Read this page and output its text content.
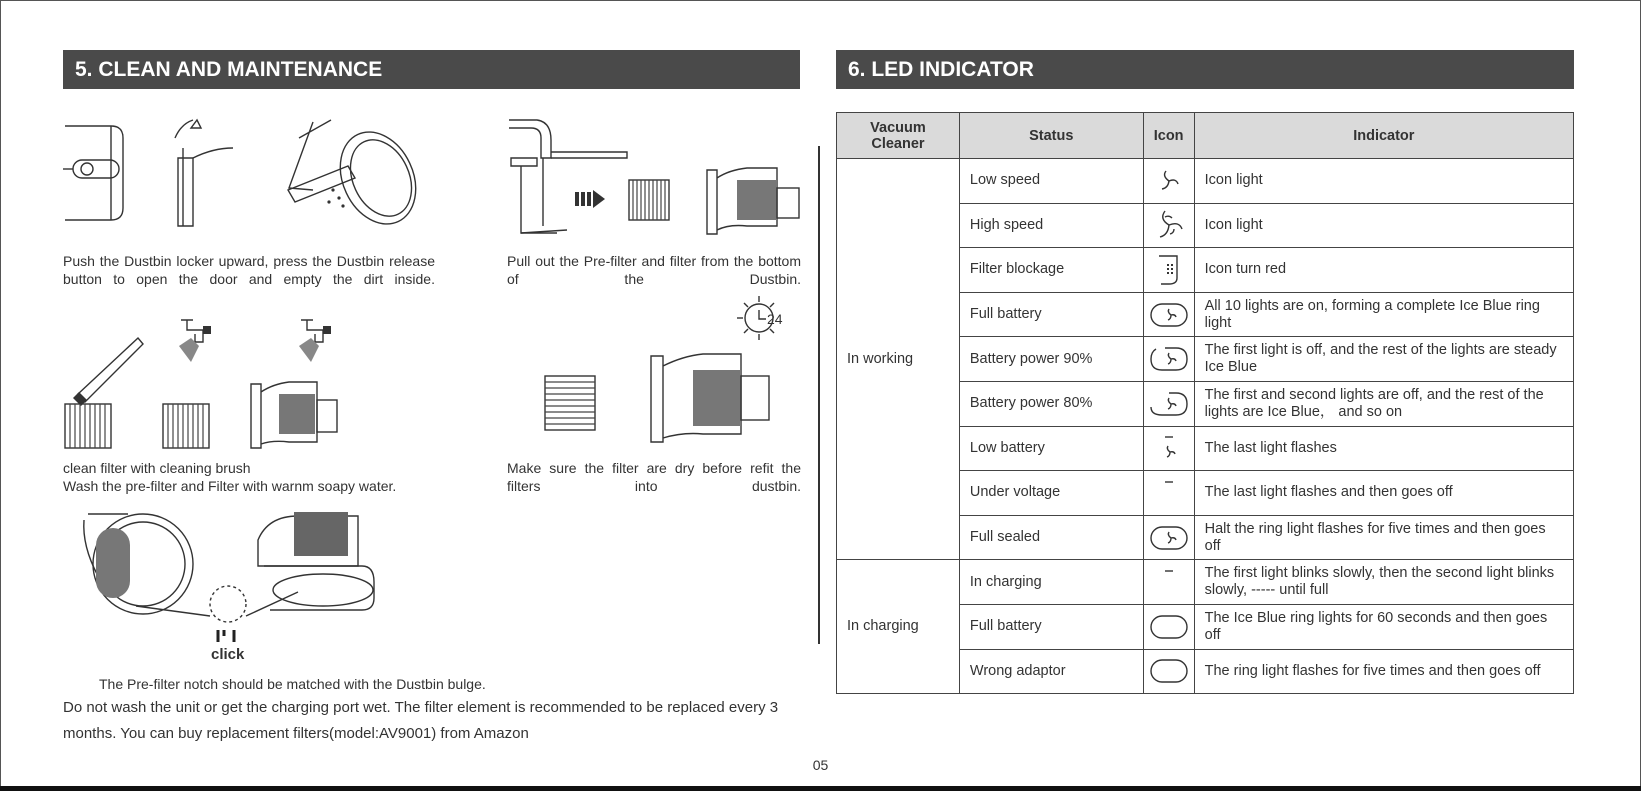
5. CLEAN AND MAINTENANCE
Push the Dustbin locker upward, press the Dustbin release button to open the door and empty the dirt inside.
Pull out the Pre-filter and filter from the bottom of the Dustbin.
24

clean filter with cleaning brush

Wash the pre-filter and Filter with warnm soapy water.

Make sure the filter are dry before refit the filters into dustbin.
click
The Pre-filter notch should be matched with the Dustbin bulge.
Do not wash the unit or get the charging port wet. The filter element is recommended to be replaced every 3
months. You can buy replacement filters(model:AV9001) from Amazon
6. LED INDICATOR
Vacuum Cleaner	Status	Icon	Indicator
In working	Low speed		Icon light
	High speed		Icon light
	Filter blockage		Icon turn red
	Full battery		All 10 lights are on, forming a complete Ice Blue ring light
	Battery power 90%		The first light is off, and the rest of the lights are steady Ice Blue
	Battery power 80%		The first and second lights are off, and the rest of the lights are Ice Blue， and so on
	Low battery		The last light flashes
	Under voltage		The last light flashes and then goes off
	Full sealed		Halt the ring light flashes for five times and then goes off
In charging	In charging		The first light blinks slowly, then the second light blinks slowly, ----- until full
	Full battery		The Ice Blue ring lights for 60 seconds and then goes off
	Wrong adaptor		The ring light flashes for five times and then goes off
05
